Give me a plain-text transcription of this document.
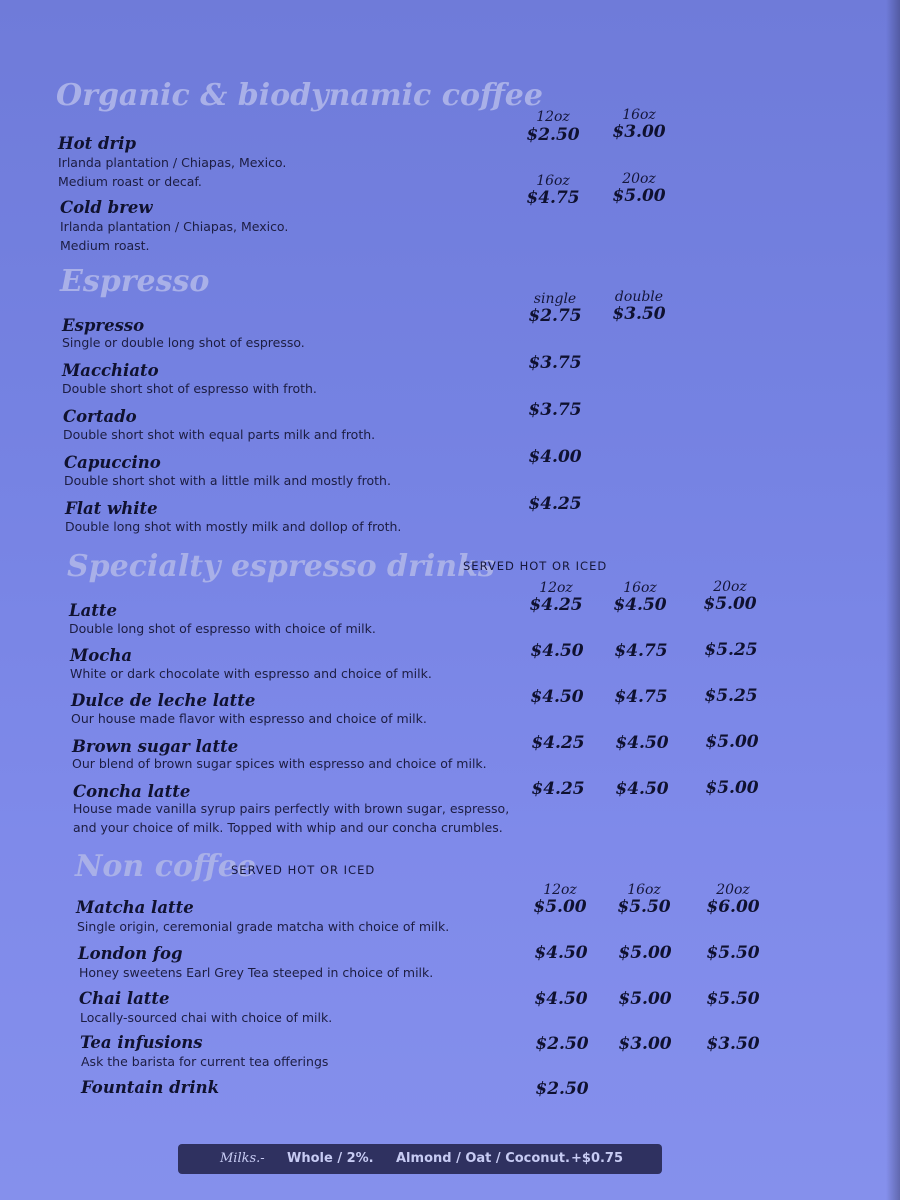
Organic & biodynamic coffee
Hot drip
Irlanda plantation / Chiapas, Mexico.
Medium roast or decaf.
12oz	16oz
$2.50	$3.00
Cold brew
Irlanda plantation / Chiapas, Mexico.
Medium roast.
16oz	20oz
$4.75	$5.00
Espresso	single	double
Espresso
Single or double long shot of espresso.
$2.75	$3.50
Macchiato
Double short shot of espresso with froth.
$3.75
Cortado
Double short shot with equal parts milk and froth.
$3.75
Capuccino
Double short shot with a little milk and mostly froth.
$4.00
Flat white
Double long shot with mostly milk and dollop of froth.
$4.25
Specialty espresso drinks
SERVED HOT OR ICED
12oz	16oz	20oz
Latte
Double long shot of espresso with choice of milk.
$4.25	$4.50	$5.00
Mocha
White or dark chocolate with espresso and choice of milk.
$4.50	$4.75	$5.25
Dulce de leche latte
Our house made flavor with espresso and choice of milk.
$4.50	$4.75	$5.25
Brown sugar latte
Our blend of brown sugar spices with espresso and choice of milk.
$4.25	$4.50	$5.00
Concha latte
House made vanilla syrup pairs perfectly with brown sugar, espresso, and your choice of milk. Topped with whip and our concha crumbles.
$4.25	$4.50	$5.00
Non coffee
SERVED HOT OR ICED
12oz	16oz	20oz
Matcha latte
Single origin, ceremonial grade matcha with choice of milk.
$5.00	$5.50	$6.00
London fog
Honey sweetens Earl Grey Tea steeped in choice of milk.
$4.50	$5.00	$5.50
Chai latte
Locally-sourced chai with choice of milk.
$4.50	$5.00	$5.50
Tea infusions
Ask the barista for current tea offerings
$2.50	$3.00	$3.50
Fountain drink	$2.50
Milks.- Whole / 2%. Almond / Oat / Coconut. +$0.75
